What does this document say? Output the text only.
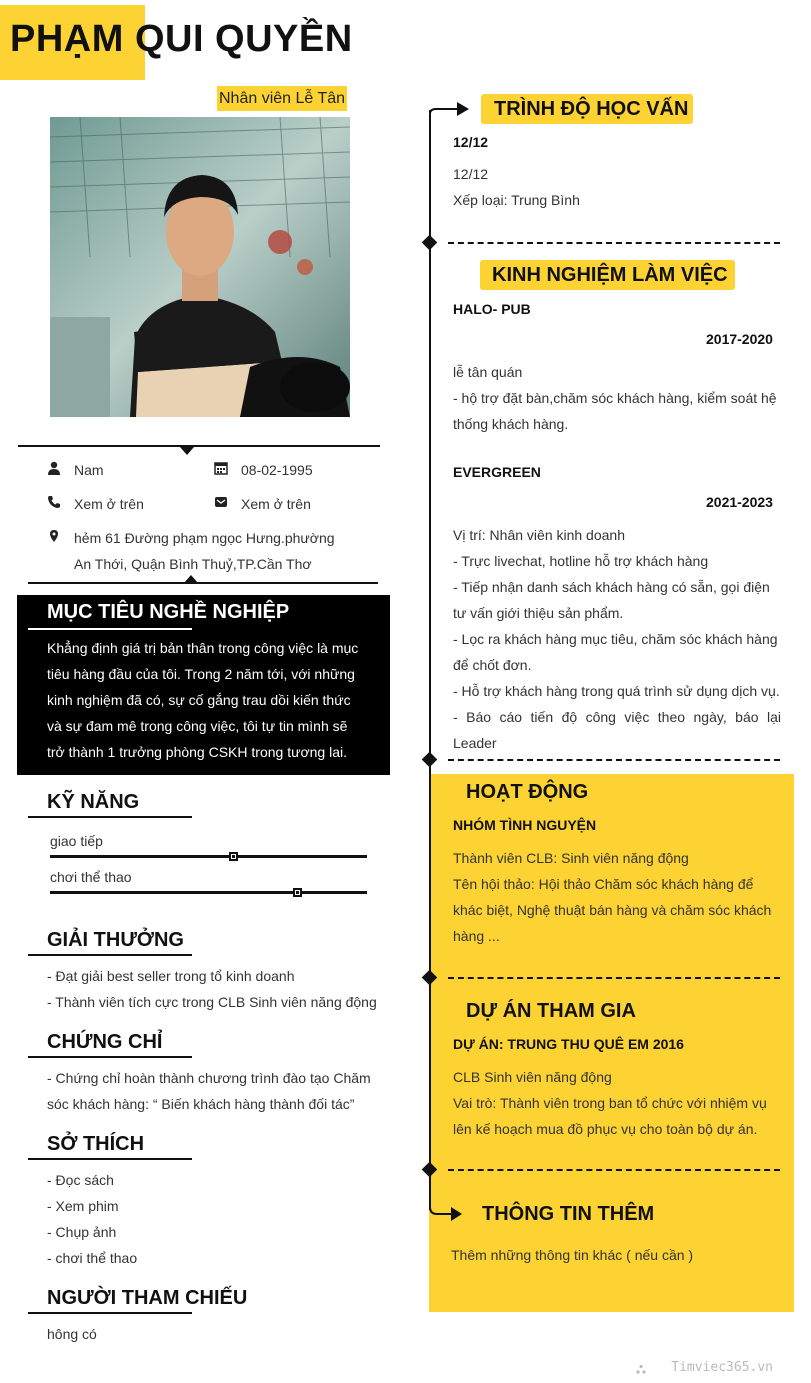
PHẠM QUI QUYỀN
Nhân viên Lễ Tân
Nam	08-02-1995
Xem ở trên	Xem ở trên
hẻm 61 Đường phạm ngọc Hưng.phường
An Thới, Quận Bình Thuỷ,TP.Cần Thơ
MỤC TIÊU NGHỀ NGHIỆP
Khẳng định giá trị bản thân trong công việc là mục
tiêu hàng đầu của tôi. Trong 2 năm tới, với những
kinh nghiệm đã có, sự cố gắng trau dồi kiến thức
và sự đam mê trong công việc, tôi tự tin mình sẽ
trở thành 1 trưởng phòng CSKH trong tương lai.
KỸ NĂNG
giao tiếp
chơi thể thao
GIẢI THƯỞNG
- Đạt giải best seller trong tổ kinh doanh
- Thành viên tích cực trong CLB Sinh viên năng động
CHỨNG CHỈ
- Chứng chỉ hoàn thành chương trình đào tạo Chăm
sóc khách hàng: “ Biến khách hàng thành đối tác”
SỞ THÍCH
- Đọc sách
- Xem phim
- Chụp ảnh
- chơi thể thao
NGƯỜI THAM CHIẾU
hông có
TRÌNH ĐỘ HỌC VẤN
12/12
12/12
Xếp loại: Trung Bình
KINH NGHIỆM LÀM VIỆC
HALO- PUB
2017-2020
lễ tân quán
- hộ trợ đặt bàn,chăm sóc khách hàng, kiểm soát hệ
thống khách hàng.
EVERGREEN
2021-2023
Vị trí: Nhân viên kinh doanh
- Trực livechat, hotline hỗ trợ khách hàng
- Tiếp nhận danh sách khách hàng có sẵn, gọi điện
tư vấn giới thiệu sản phẩm.
- Lọc ra khách hàng mục tiêu, chăm sóc khách hàng
để chốt đơn.
- Hỗ trợ khách hàng trong quá trình sử dụng dịch vụ.
- Báo cáo tiến độ công việc theo ngày, báo lại Leader
HOẠT ĐỘNG
NHÓM TÌNH NGUYỆN
Thành viên CLB: Sinh viên năng động
Tên hội thảo: Hội thảo Chăm sóc khách hàng để
khác biệt, Nghệ thuật bán hàng và chăm sóc khách
hàng ...
DỰ ÁN THAM GIA
DỰ ÁN: TRUNG THU QUÊ EM 2016
CLB Sinh viên năng động
Vai trò: Thành viên trong ban tổ chức với nhiệm vụ
lên kế hoạch mua đồ phục vụ cho toàn bộ dự án.
THÔNG TIN THÊM
Thêm những thông tin khác ( nếu cần )
Timviec365.vn
